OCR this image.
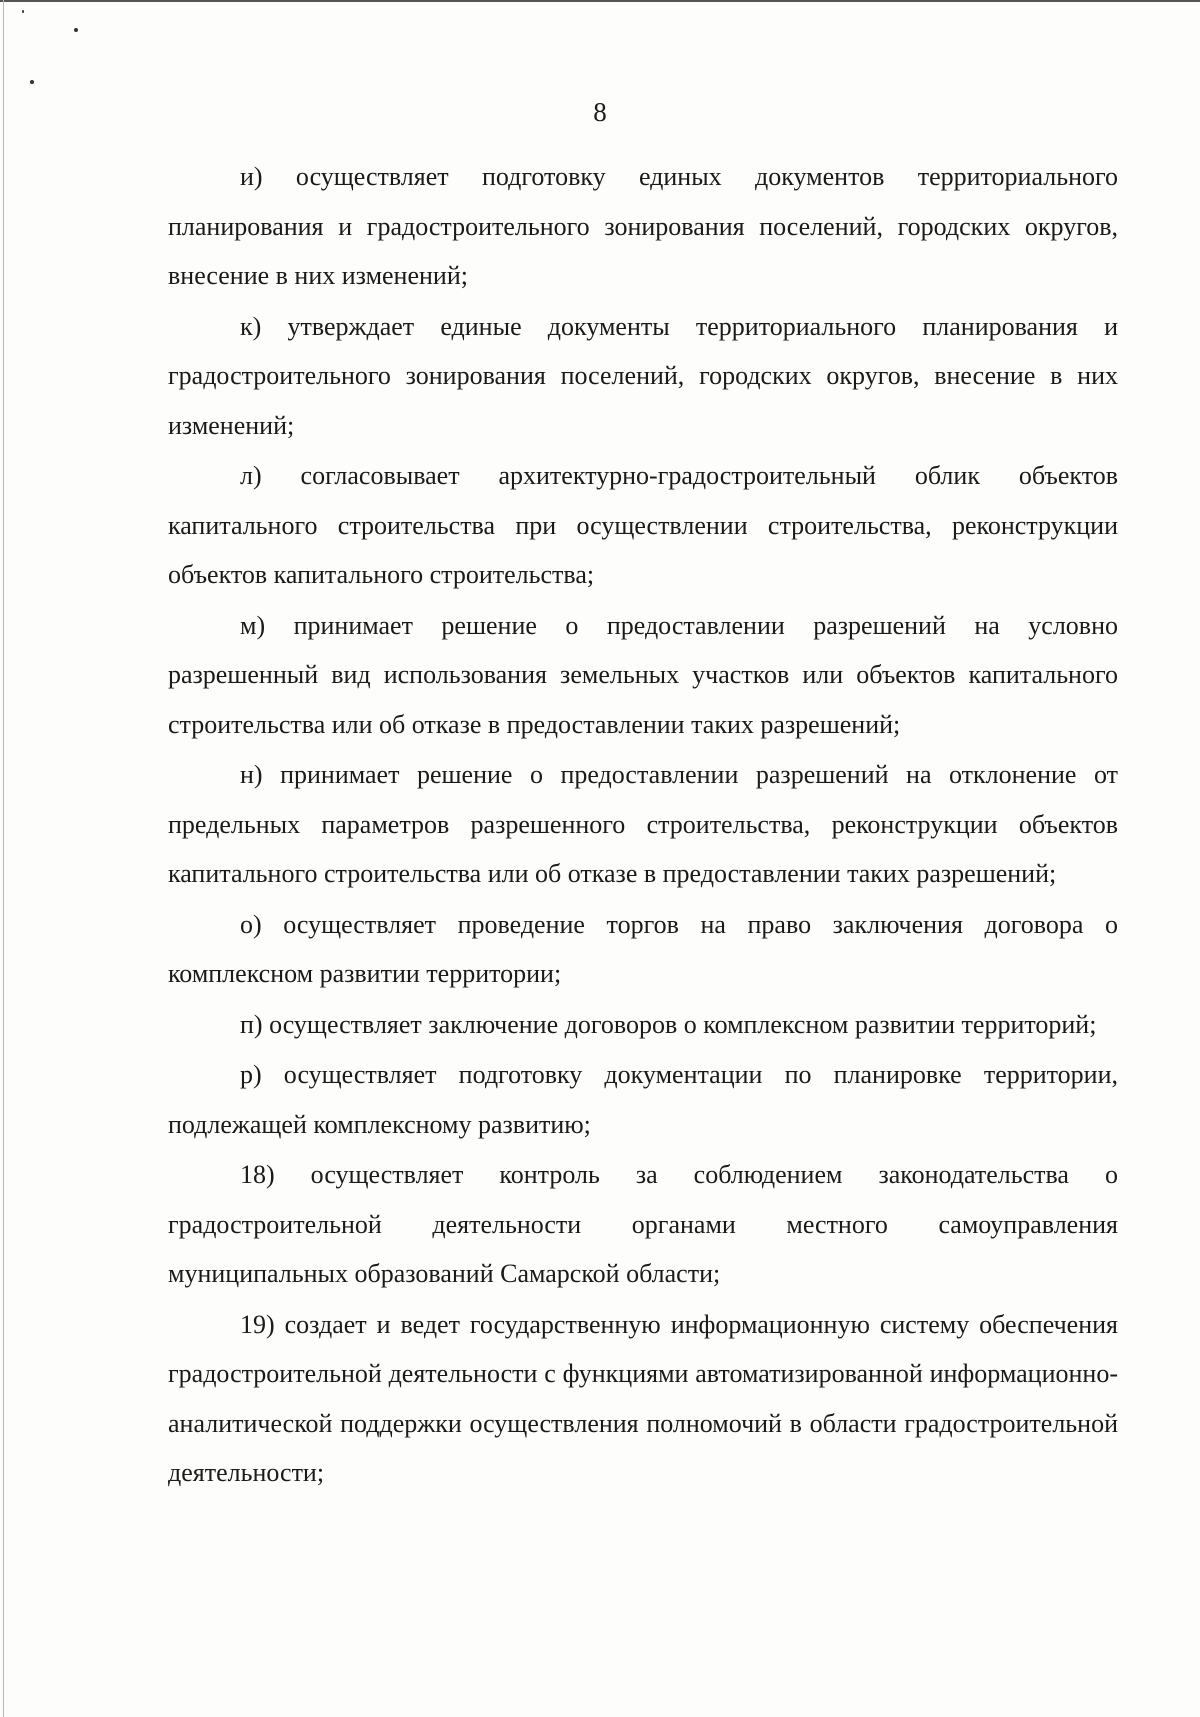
8

и) осуществляет подготовку единых документов территориального планирования и градостроительного зонирования поселений, городских округов, внесение в них изменений;

к) утверждает единые документы территориального планирования и градостроительного зонирования поселений, городских округов, внесение в них изменений;

л) согласовывает архитектурно-градостроительный облик объектов капитального строительства при осуществлении строительства, реконструкции объектов капитального строительства;

м) принимает решение о предоставлении разрешений на условно разрешенный вид использования земельных участков или объектов капитального строительства или об отказе в предоставлении таких разрешений;

н) принимает решение о предоставлении разрешений на отклонение от предельных параметров разрешенного строительства, реконструкции объектов капитального строительства или об отказе в предоставлении таких разрешений;

о) осуществляет проведение торгов на право заключения договора о комплексном развитии территории;

п) осуществляет заключение договоров о комплексном развитии территорий;

р) осуществляет подготовку документации по планировке территории, подлежащей комплексному развитию;

18) осуществляет контроль за соблюдением законодательства о градостроительной деятельности органами местного самоуправления муниципальных образований Самарской области;

19) создает и ведет государственную информационную систему обеспечения градостроительной деятельности с функциями автоматизированной информационно-аналитической поддержки осуществления полномочий в области градостроительной деятельности;
